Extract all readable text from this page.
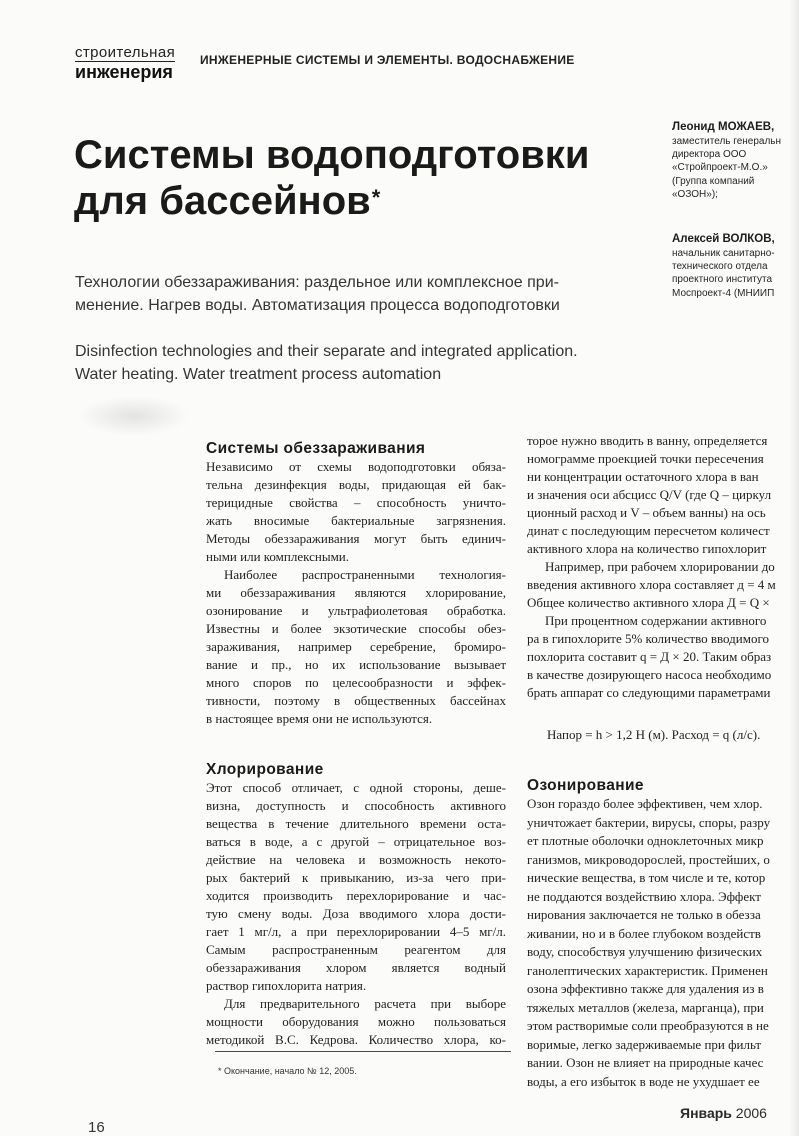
строительная
инженерия
ИНЖЕНЕРНЫЕ СИСТЕМЫ И ЭЛЕМЕНТЫ. ВОДОСНАБЖЕНИЕ
Системы водоподготовки
для бассейнов*
Леонид МОЖАЕВ,
заместитель генеральн
директора ООО
«Стройпроект-М.О.»
(Группа компаний
«ОЗОН»);
Алексей ВОЛКОВ,
начальник санитарно-
технического отдела
проектного института
Моспроект-4 (МНИИП
Технологии обеззараживания: раздельное или комплексное при-
менение. Нагрев воды. Автоматизация процесса водоподготовки
Disinfection technologies and their separate and integrated application.
Water heating. Water treatment process automation
Системы обеззараживания
Независимо от схемы водоподготовки обяза-
тельна дезинфекция воды, придающая ей бак-
терицидные свойства – способность уничто-
жать вносимые бактериальные загрязнения.
Методы обеззараживания могут быть единич-
ными или комплексными.
Наиболее распространенными технология-
ми обеззараживания являются хлорирование,
озонирование и ультрафиолетовая обработка.
Известны и более экзотические способы обез-
зараживания, например серебрение, бромиро-
вание и пр., но их использование вызывает
много споров по целесообразности и эффек-
тивности, поэтому в общественных бассейнах
в настоящее время они не используются.
Хлорирование
Этот способ отличает, с одной стороны, деше-
визна, доступность и способность активного
вещества в течение длительного времени оста-
ваться в воде, а с другой – отрицательное воз-
действие на человека и возможность некото-
рых бактерий к привыканию, из-за чего при-
ходится производить перехлорирование и час-
тую смену воды. Доза вводимого хлора дости-
гает 1 мг/л, а при перехлорировании 4–5 мг/л.
Самым распространенным реагентом для
обеззараживания хлором является водный
раствор гипохлорита натрия.
Для предварительного расчета при выборе
мощности оборудования можно пользоваться
методикой В.С. Кедрова. Количество хлора, ко-
* Окончание, начало № 12, 2005.
торое нужно вводить в ванну, определяется
номограмме проекцией точки пересечения
ни концентрации остаточного хлора в ван
и значения оси абсцисс Q/V (где Q – циркул
ционный расход и V – объем ванны) на ось
динат с последующим пересчетом количест
активного хлора на количество гипохлорит
Например, при рабочем хлорировании до
введения активного хлора составляет д = 4 м
Общее количество активного хлора Д = Q ×
При процентном содержании активного
ра в гипохлорите 5% количество вводимого
похлорита составит q = Д × 20. Таким образ
в качестве дозирующего насоса необходимо
брать аппарат со следующими параметрами
Напор = h > 1,2 Н (м). Расход = q (л/с).
Озонирование
Озон гораздо более эффективен, чем хлор.
уничтожает бактерии, вирусы, споры, разру
ет плотные оболочки одноклеточных микр
ганизмов, микроводорослей, простейших, о
нические вещества, в том числе и те, котор
не поддаются воздействию хлора. Эффект
нирования заключается не только в обезза
живании, но и в более глубоком воздейств
воду, способствуя улучшению физических
ганолептических характеристик. Применен
озона эффективно также для удаления из в
тяжелых металлов (железа, марганца), при
этом растворимые соли преобразуются в не
воримые, легко задерживаемые при фильт
вании. Озон не влияет на природные качес
воды, а его избыток в воде не ухудшает ее
16
Январь 2006
